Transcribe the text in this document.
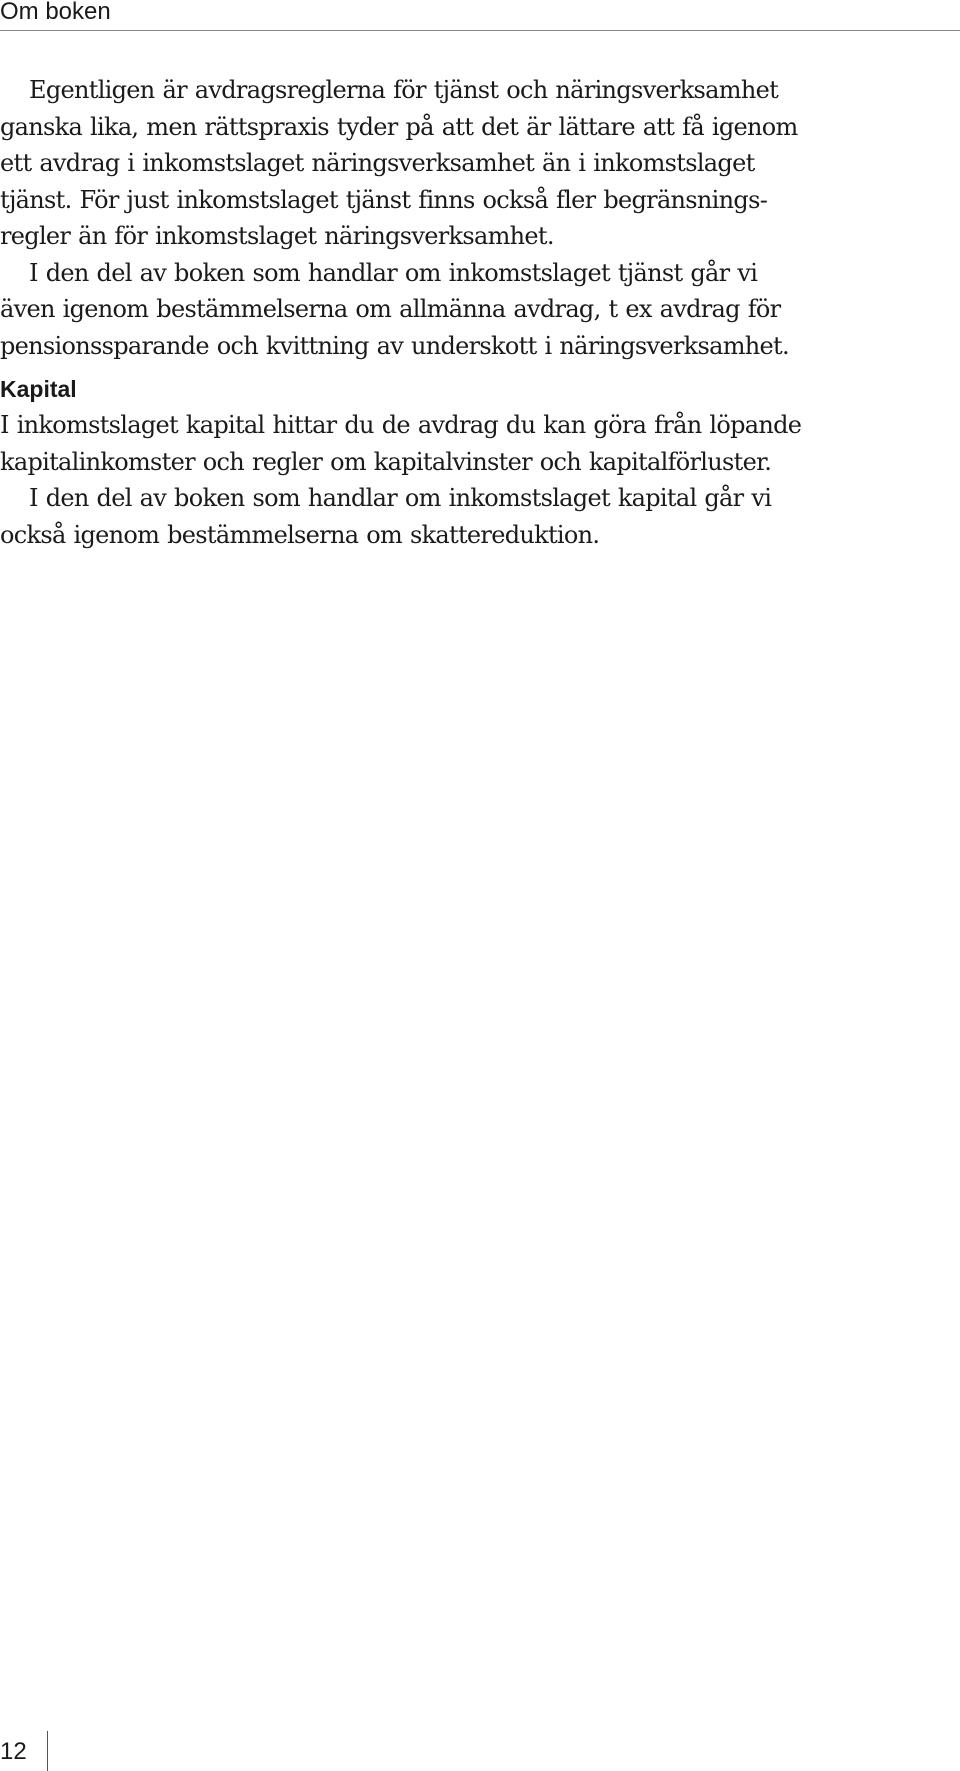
Om boken

Egentligen är avdragsreglerna för tjänst och näringsverksamhet
ganska lika, men rättspraxis tyder på att det är lättare att få igenom
ett avdrag i inkomstslaget näringsverksamhet än i inkomstslaget
tjänst. För just inkomstslaget tjänst finns också fler begränsnings-
regler än för inkomstslaget näringsverksamhet.

I den del av boken som handlar om inkomstslaget tjänst går vi
även igenom bestämmelserna om allmänna avdrag, t ex avdrag för
pensionssparande och kvittning av underskott i näringsverksamhet.

Kapital

I inkomstslaget kapital hittar du de avdrag du kan göra från löpande
kapitalinkomster och regler om kapitalvinster och kapitalförluster.

I den del av boken som handlar om inkomstslaget kapital går vi
också igenom bestämmelserna om skattereduktion.

12
